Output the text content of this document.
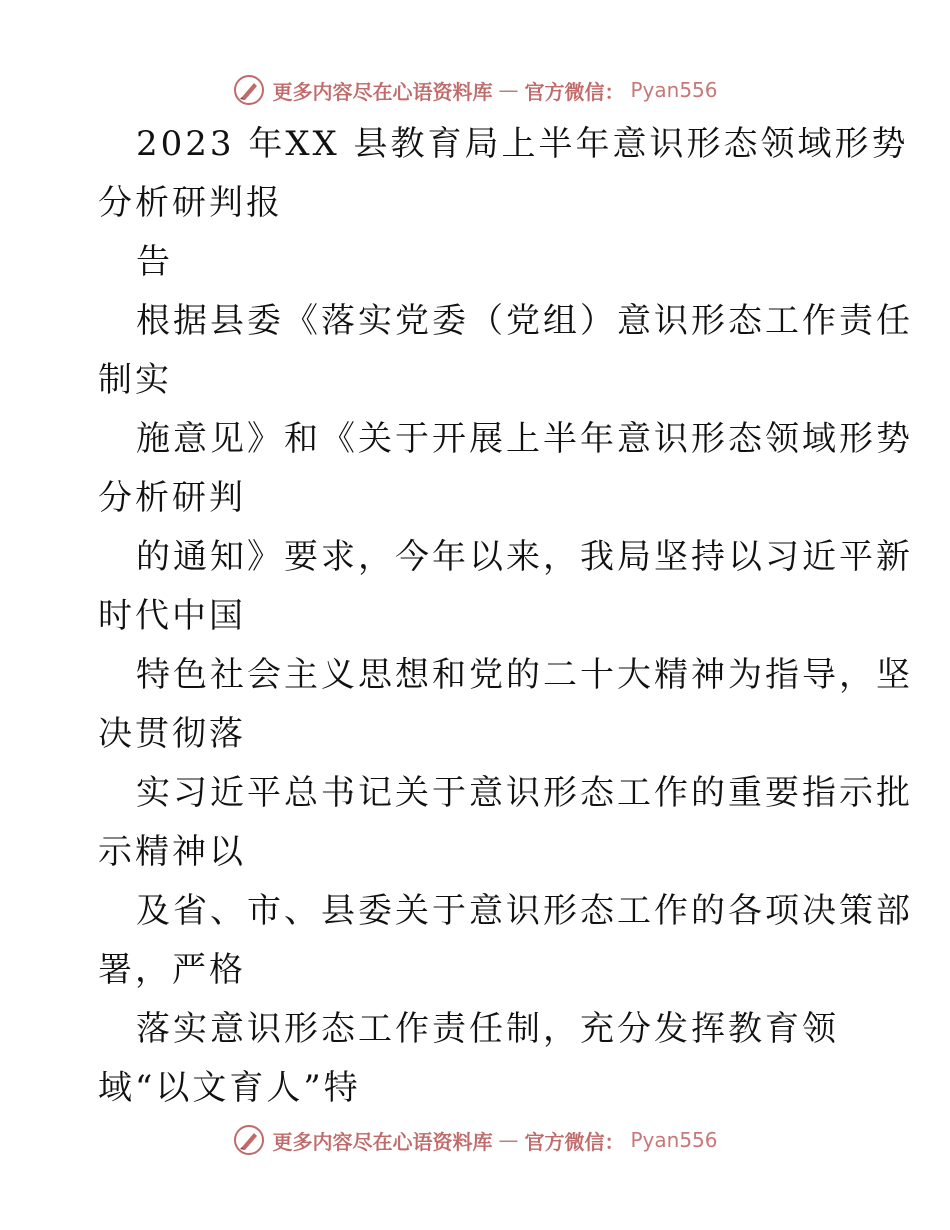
更多内容尽在心语资料库 — 官方微信： Pyan556
2023 年XX 县教育局上半年意识形态领域形势
分析研判报
告
根据县委《落实党委（党组）意识形态工作责任
制实
施意见》和《关于开展上半年意识形态领域形势
分析研判
的通知》要求，今年以来，我局坚持以习近平新
时代中国
特色社会主义思想和党的二十大精神为指导，坚
决贯彻落
实习近平总书记关于意识形态工作的重要指示批
示精神以
及省、市、县委关于意识形态工作的各项决策部
署，严格
落实意识形态工作责任制，充分发挥教育领
域“以文育人”特
更多内容尽在心语资料库 — 官方微信： Pyan556
